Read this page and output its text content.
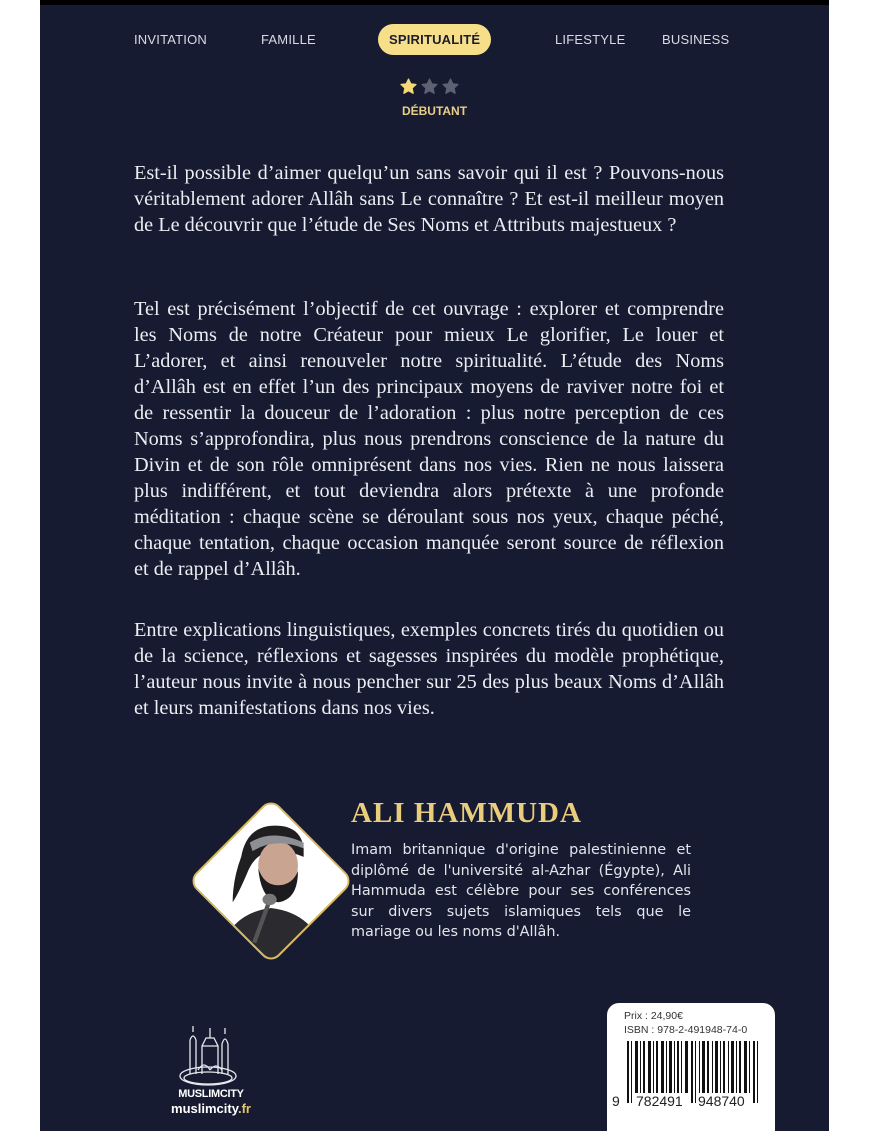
INVITATION	FAMILLE	SPIRITUALITÉ	LIFESTYLE	BUSINESS
DÉBUTANT

Est-il possible d’aimer quelqu’un sans savoir qui il est ? Pouvons-nous véritablement adorer Allâh sans Le connaître ? Et est-il meilleur moyen de Le découvrir que l’étude de Ses Noms et Attributs majestueux ?

Tel est précisément l’objectif de cet ouvrage : explorer et comprendre les Noms de notre Créateur pour mieux Le glorifier, Le louer et L’adorer, et ainsi renouveler notre spiritualité. L’étude des Noms d’Allâh est en effet l’un des principaux moyens de raviver notre foi et de ressentir la douceur de l’adoration : plus notre perception de ces Noms s’approfondira, plus nous prendrons conscience de la nature du Divin et de son rôle omniprésent dans nos vies. Rien ne nous laissera plus indifférent, et tout deviendra alors prétexte à une profonde méditation : chaque scène se déroulant sous nos yeux, chaque péché, chaque tentation, chaque occasion manquée seront source de réflexion et de rappel d’Allâh.

Entre explications linguistiques, exemples concrets tirés du quotidien ou de la science, réflexions et sagesses inspirées du modèle prophétique, l’auteur nous invite à nous pencher sur 25 des plus beaux Noms d’Allâh et leurs manifestations dans nos vies.

ALI HAMMUDA
Imam britannique d'origine palestinienne et diplômé de l'université al-Azhar (Égypte), Ali Hammuda est célèbre pour ses conférences sur divers sujets islamiques tels que le mariage ou les noms d'Allâh.
MUSLIMCITY
muslimcity.fr
Prix : 24,90€
ISBN : 978-2-491948-74-0
9 782491 948740
